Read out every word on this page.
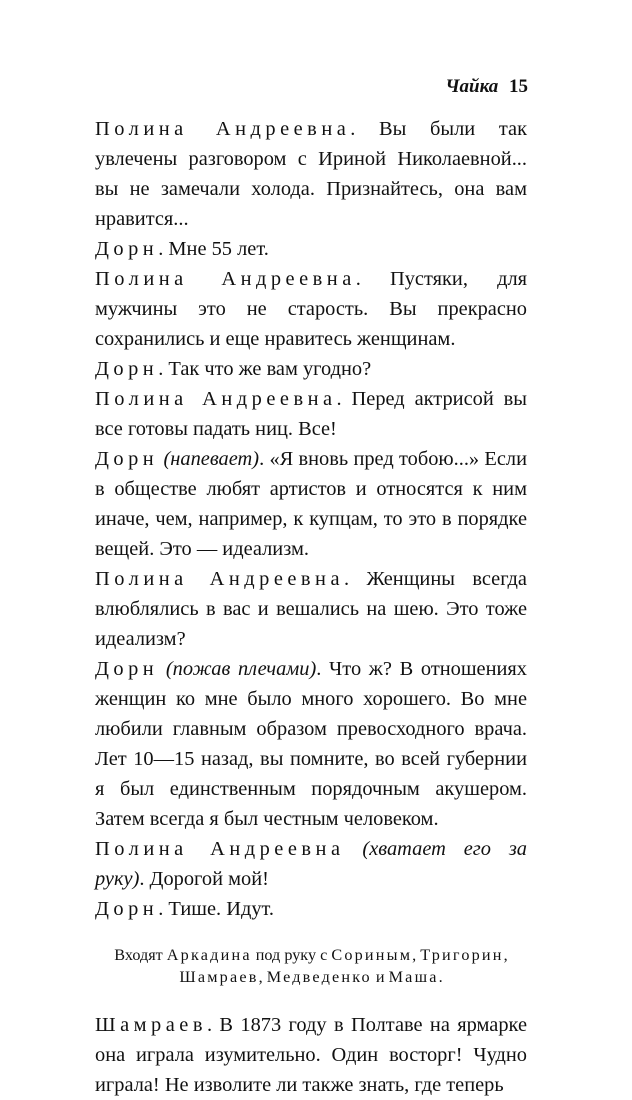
Чайка 15

Полина Андреевна. Вы были так увлечены разговором с Ириной Николаевной... вы не замечали холода. Признайтесь, она вам нравится...

Дорн. Мне 55 лет.

Полина Андреевна. Пустяки, для мужчины это не старость. Вы прекрасно сохранились и еще нравитесь женщинам.

Дорн. Так что же вам угодно?

Полина Андреевна. Перед актрисой вы все готовы падать ниц. Все!

Дорн (напевает). «Я вновь пред тобою...» Если в обществе любят артистов и относятся к ним иначе, чем, например, к купцам, то это в порядке вещей. Это — идеализм.

Полина Андреевна. Женщины всегда влюблялись в вас и вешались на шею. Это тоже идеализм?

Дорн (пожав плечами). Что ж? В отношениях женщин ко мне было много хорошего. Во мне любили главным образом превосходного врача. Лет 10—15 назад, вы помните, во всей губернии я был единственным порядочным акушером. Затем всегда я был честным человеком.

Полина Андреевна (хватает его за руку). Дорогой мой!

Дорн. Тише. Идут.

Входят Аркадина под руку с Сориным, Тригорин,
Шамраев, Медведенко и Маша.

Шамраев. В 1873 году в Полтаве на ярмарке она играла изумительно. Один восторг! Чудно играла! Не изволите ли также знать, где теперь
